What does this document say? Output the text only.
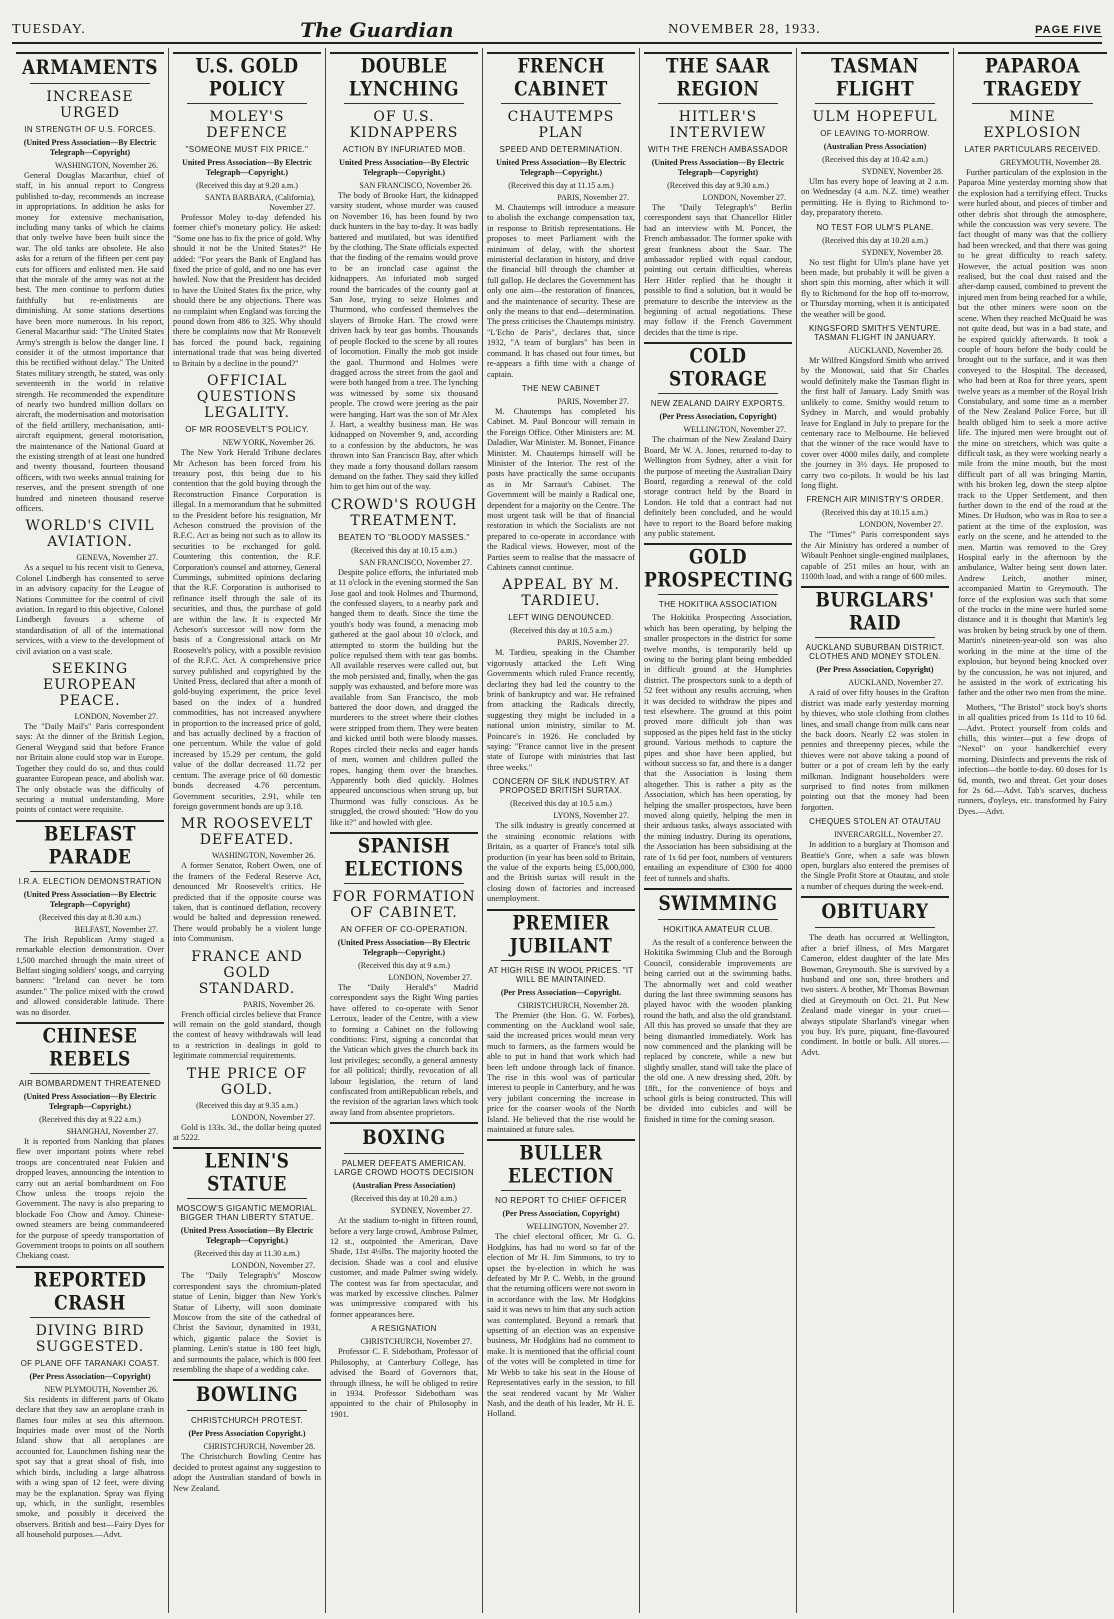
TUESDAY.	The Guardian	NOVEMBER 28, 1933.	PAGE FIVE
ARMAMENTS
INCREASE URGED
IN STRENGTH OF U.S. FORCES.
(United Press Association—By Electric Telegraph—Copyright)
WASHINGTON, November 26.
General Douglas Macarthur, chief of staff, in his annual report to Congress published to-day, recommends an increase in appropriations. In addition he asks for money for extensive mechanisation, including many tanks of which he claims that only twelve have been built since the war. The old tanks are obsolete. He also asks for a return of the fifteen per cent pay cuts for officers and enlisted men. He said that the morale of the army was not at the best. The men continue to perform duties faithfully but re-enlistments are diminishing. At some stations desertions have been more numerous. In his report, General Macarthur said: "The United States Army's strength is below the danger line. I consider it of the utmost importance that this be rectified without delay." The United States military strength, he stated, was only seventeenth in the world in relative strength. He recommended the expenditure of nearly two hundred million dollars on aircraft, the modernisation and motorisation of the field artillery, mechanisation, anti-aircraft equipment, general motorisation, the maintenance of the National Guard at the existing strength of at least one hundred and twenty thousand, fourteen thousand officers, with two weeks annual training for reserves, and the present strength of one hundred and nineteen thousand reserve officers.
WORLD'S CIVIL AVIATION.
GENEVA, November 27.
As a sequel to his recent visit to Geneva, Colonel Lindbergh has consented to serve in an advisory capacity for the League of Nations Committee for the control of civil aviation. In regard to this objective, Colonel Lindbergh favours a scheme of standardisation of all of the international services, with a view to the development of civil aviation on a vast scale.
SEEKING EUROPEAN PEACE.
LONDON, November 27.
The "Daily Mail's" Paris correspondent says: At the dinner of the British Legion, General Weygand said that before France nor Britain alone could stop war in Europe. Together they could do so, and thus could guarantee European peace, and abolish war. The only obstacle was the difficulty of securing a mutual understanding. More points of contact were requisite.
BELFAST PARADE
I.R.A. ELECTION DEMONSTRATION
(United Press Association—By Electric Telegraph—Copyright)
(Received this day at 8.30 a.m.)
BELFAST, November 27.
The Irish Republican Army staged a remarkable election demonstration. Over 1,500 marched through the main street of Belfast singing soldiers' songs, and carrying banners: "Ireland can never be torn asunder." The police mixed with the crowd and allowed considerable latitude. There was no disorder.
CHINESE REBELS
AIR BOMBARDMENT THREATENED
(United Press Association—By Electric Telegraph—Copyright.)
(Received this day at 9.22 a.m.)
SHANGHAI, November 27.
It is reported from Nanking that planes flew over important points where rebel troops are concentrated near Fukien and dropped leaves, announcing the intention to carry out an aerial bombardment on Foo Chow unless the troops rejoin the Government. The navy is also preparing to blockade Foo Chow and Amoy. Chinese-owned steamers are being commandeered for the purpose of speedy transportation of Government troops to points on all southern Chekiang coast.
REPORTED CRASH
DIVING BIRD SUGGESTED.
OF PLANE OFF TARANAKI COAST.
(Per Press Association—Copyright)
NEW PLYMOUTH, November 26.
Six residents in different parts of Okato declare that they saw an aeroplane crash in flames four miles at sea this afternoon. Inquiries made over most of the North Island show that all aeroplanes are accounted for. Launchmen fishing near the spot say that a great shoal of fish, into which birds, including a large albatross with a wing span of 12 feet, were diving may be the explanation. Spray was flying up, which, in the sunlight, resembles smoke, and possibly it deceived the observers. British and best—Fairy Dyes for all household purposes.—Advt.
U.S. GOLD POLICY
MOLEY'S DEFENCE
"SOMEONE MUST FIX PRICE."
United Press Association—By Electric Telegraph—Copyright.)
(Received this day at 9.20 a.m.)
SANTA BARBARA, (California), November 27.
Professor Moley to-day defended his former chief's monetary policy. He asked: "Some one has to fix the price of gold. Why should it not be the United States?" He added: "For years the Bank of England has fixed the price of gold, and no one has ever howled. Now that the President has decided to have the United States fix the price, why should there be any objections. There was no complaint when England was forcing the pound down from 486 to 325. Why should there be complaints now that Mr Roosevelt has forced the pound back, regaining international trade that was being diverted to Britain by a decline in the pound?"
OFFICIAL QUESTIONS LEGALITY.
OF MR ROOSEVELT'S POLICY.
NEW YORK, November 26.
The New York Herald Tribune declares Mr Acheson has been forced from his treasury post, this being due to his contention that the gold buying through the Reconstruction Finance Corporation is illegal. In a memorandum that he submitted to the President before his resignation, Mr Acheson construed the provision of the R.F.C. Act as being not such as to allow its securities to be exchanged for gold. Countering this contention, the R.F. Corporation's counsel and attorney, General Cummings, submitted opinions declaring that the R.F. Corporation is authorised to refinance itself through the sale of its securities, and thus, the purchase of gold are within the law. It is expected Mr Acheson's successor will now form the basis of a Congressional attack on Mr Roosevelt's policy, with a possible revision of the R.F.C. Act. A comprehensive price survey published and copyrighted by the United Press, declared that after a month of gold-buying experiment, the price level based on the index of a hundred commodities, has not increased anywhere in proportion to the increased price of gold, and has actually declined by a fraction of one percentum. While the value of gold increased by 15.29 per centum, the gold value of the dollar decreased 11.72 per centum. The average price of 60 domestic bonds decreased 4.76 percentum. Government securities, 2.91, while ten foreign government bonds are up 3.18.
MR ROOSEVELT DEFEATED.
WASHINGTON, November 26.
A former Senator, Robert Owen, one of the framers of the Federal Reserve Act, denounced Mr Roosevelt's critics. He predicted that if the opposite course was taken, that is continued deflation, recovery would be halted and depression renewed. There would probably be a violent lunge into Communism.
FRANCE AND GOLD STANDARD.
PARIS, November 26.
French official circles believe that France will remain on the gold standard, though the contest of heavy withdrawals will lead to a restriction in dealings in gold to legitimate commercial requirements.
THE PRICE OF GOLD.
(Received this day at 9.35 a.m.)
LONDON, November 27.
Gold is 133s. 3d., the dollar being quoted at 5222.
LENIN'S STATUE
MOSCOW'S GIGANTIC MEMORIAL. BIGGER THAN LIBERTY STATUE.
(United Press Association—By Electric Telegraph—Copyright.)
(Received this day at 11.30 a.m.)
LONDON, November 27.
The "Daily Telegraph's" Moscow correspondent says the chromium-plated statue of Lenin, bigger than New York's Statue of Liberty, will soon dominate Moscow from the site of the cathedral of Christ the Saviour, dynamited in 1931, which, gigantic palace the Soviet is planning. Lenin's statue is 180 feet high, and surmounts the palace, which is 800 feet resembling the shape of a wedding cake.
BOWLING
CHRISTCHURCH PROTEST.
(Per Press Association Copyright.)
CHRISTCHURCH, November 28.
The Christchurch Bowling Centre has decided to protest against any suggestion to adopt the Australian standard of bowls in New Zealand.
DOUBLE LYNCHING
OF U.S. KIDNAPPERS
ACTION BY INFURIATED MOB.
United Press Association—By Electric Telegraph—Copyright.)
SAN FRANCISCO, November 26.
The body of Brooke Hart, the kidnapped varsity student, whose murder was caused on November 16, has been found by two duck hunters in the bay to-day. It was badly battered and mutilated, but was identified by the clothing. The State officials expected that the finding of the remains would prove to be an ironclad case against the kidnappers. An infuriated mob surged round the barricades of the county gaol at San Jose, trying to seize Holmes and Thurmond, who confessed themselves the slayers of Brooke Hart. The crowd were driven back by tear gas bombs. Thousands of people flocked to the scene by all routes of locomotion. Finally the mob got inside the gaol. Thurmond and Holmes were dragged across the street from the gaol and were both hanged from a tree. The lynching was witnessed by some six thousand people. The crowd were jeering as the pair were hanging. Hart was the son of Mr Alex J. Hart, a wealthy business man. He was kidnapped on November 9, and, according to a confession by the abductors, he was thrown into San Francisco Bay, after which they made a forty thousand dollars ransom demand on the father. They said they killed him to get him out of the way.
CROWD'S ROUGH TREATMENT.
BEATEN TO "BLOODY MASSES."
(Received this day at 10.15 a.m.)
SAN FRANCISCO, November 27.
Despite police efforts, the infuriated mob at 11 o'clock in the evening stormed the San Jose gaol and took Holmes and Thurmond, the confessed slayers, to a nearby park and hanged them to death. Since the time the youth's body was found, a menacing mob gathered at the gaol about 10 o'clock, and attempted to storm the building but the police repulsed them with tear gas bombs. All available reserves were called out, but the mob persisted and, finally, when the gas supply was exhausted, and before more was available from San Francisco, the mob battered the door down, and dragged the murderers to the street where their clothes were stripped from them. They were beaten and kicked until both were bloody masses. Ropes circled their necks and eager hands of men, women and children pulled the ropes, hanging them over the branches. Apparently both died quickly. Holmes appeared unconscious when strung up, but Thurmond was fully conscious. As he struggled, the crowd shouted: "How do you like it?" and howled with glee.
SPANISH ELECTIONS
FOR FORMATION OF CABINET.
AN OFFER OF CO-OPERATION.
(United Press Association—By Electric Telegraph—Copyright.)
(Received this day at 9 a.m.)
LONDON, November 27.
The "Daily Herald's" Madrid correspondent says the Right Wing parties have offered to co-operate with Senor Lerroux, leader of the Centre, with a view to forming a Cabinet on the following conditions: First, signing a concordat that the Vatican which gives the church back its lost privileges; secondly, a general amnesty for all political; thirdly, revocation of all labour legislation, the return of land confiscated from antiRepublican rebels, and the revision of the agrarian laws which took away land from absentee proprietors.
BOXING
PALMER DEFEATS AMERICAN. LARGE CROWD HOOTS DECISION
(Australian Press Association)
(Received this day at 10.20 a.m.)
SYDNEY, November 27.
At the stadium to-night in fifteen round, before a very large crowd, Ambrose Palmer, 12 st., outpointed the American, Dave Shade, 11st 4½lbs. The majority hooted the decision. Shade was a cool and elusive customer, and made Palmer swing widely. The contest was far from spectacular, and was marked by excessive clinches. Palmer was unimpressive compared with his former appearances here.
A RESIGNATION
CHRISTCHURCH, November 27.
Professor C. F. Sidebotham, Professor of Philosophy, at Canterbury College, has advised the Board of Governors that, through illness, he will be obliged to retire in 1934. Professor Sidebotham was appointed to the chair of Philosophy in 1901.
FRENCH CABINET
CHAUTEMPS PLAN
SPEED AND DETERMINATION.
United Press Association—By Electric Telegraph—Copyright.)
(Received this day at 11.15 a.m.)
PARIS, November 27.
M. Chautemps will introduce a measure to abolish the exchange compensation tax, in response to British representations. He proposes to meet Parliament with the minimum of delay, with the shortest ministerial declaration in history, and drive the financial bill through the chamber at full gallop. He declares the Government has only one aim—the restoration of finances, and the maintenance of security. These are only the means to that end—determination. The press criticises the Chautemps ministry. "L'Echo de Paris", declares that, since 1932, "A team of burglars" has been in command. It has chased out four times, but re-appears a fifth time with a change of captain.
THE NEW CABINET
PARIS, November 27.
M. Chautemps has completed his Cabinet. M. Paul Boncour will remain in the Foreign Office. Other Ministers are: M. Daladier, War Minister. M. Bonnet, Finance Minister. M. Chautemps himself will be Minister of the Interior. The rest of the posts have practically the same occupants as in Mr Sarraut's Cabinet. The Government will be mainly a Radical one, dependent for a majority on the Centre. The most urgent task will be that of financial restoration in which the Socialists are not prepared to co-operate in accordance with the Radical views. However, most of the Parties seem to realise that the massacre of Cabinets cannot continue.
APPEAL BY M. TARDIEU.
LEFT WING DENOUNCED.
(Received this day at 10.5 a.m.)
PARIS, November 27.
M. Tardieu, speaking in the Chamber vigorously attacked the Left Wing Governments which ruled France recently, declaring they had led the country to the brink of bankruptcy and war. He refrained from attacking the Radicals directly, suggesting they might be included in a national union ministry, similar to M. Poincare's in 1926. He concluded by saying: "France cannot live in the present state of Europe with ministries that last three weeks."
CONCERN OF SILK INDUSTRY. AT PROPOSED BRITISH SURTAX.
(Received this day at 10.5 a.m.)
LYONS, November 27.
The silk industry is greatly concerned at the straining economic relations with Britain, as a quarter of France's total silk production (in year has been sold to Britain, the value of the exports being £5,000,000, and the British surtax will result in the closing down of factories and increased unemployment.
PREMIER JUBILANT
AT HIGH RISE IN WOOL PRICES. "IT WILL BE MAINTAINED.
(Per Press Association—Copyright.
CHRISTCHURCH, November 28.
The Premier (the Hon. G. W. Forbes), commenting on the Auckland wool sale, said the increased prices would mean very much to farmers, as the farmers would be able to put in hand that work which had been left undone through lack of finance. The rise in this wool was of particular interest to people in Canterbury, and he was very jubilant concerning the increase in price for the coarser wools of the North Island. He believed that the rise would be maintained at future sales.
BULLER ELECTION
NO REPORT TO CHIEF OFFICER
(Per Press Association, Copyright)
WELLINGTON, November 27.
The chief electoral officer, Mr G. G. Hodgkins, has had no word so far of the election of Mr H. Jim Simmons, to try to upset the by-election in which he was defeated by Mr P. C. Webb, in the ground that the returning officers were not sworn in in accordance with the law. Mr Hodgkins said it was news to him that any such action was contemplated. Beyond a remark that upsetting of an election was an expensive business, Mr Hodgkins had no comment to make. It is mentioned that the official count of the votes will be completed in time for Mr Webb to take his seat in the House of Representatives early in the session, to fill the seat rendered vacant by Mr Walter Nash, and the death of his leader, Mr H. E. Holland.
THE SAAR REGION
HITLER'S INTERVIEW
WITH THE FRENCH AMBASSADOR
(United Press Association—By Electric Telegraph—Copyright)
(Received this day at 9.30 a.m.)
LONDON, November 27.
The "Daily Telegraph's" Berlin correspondent says that Chancellor Hitler had an interview with M. Poncet, the French ambassador. The former spoke with great frankness about the Saar. The ambassador replied with equal candour, pointing out certain difficulties, whereas Herr Hitler replied that he thought it possible to find a solution, but it would be premature to describe the interview as the beginning of actual negotiations. These may follow if the French Government decides that the time is ripe.
COLD STORAGE
NEW ZEALAND DAIRY EXPORTS.
(Per Press Association, Copyright)
WELLINGTON, November 27.
The chairman of the New Zealand Dairy Board, Mr W. A. Jones, returned to-day to Wellington from Sydney, after a visit for the purpose of meeting the Australian Dairy Board, regarding a renewal of the cold storage contract held by the Board in London. He told that a contract had not definitely been concluded, and he would have to report to the Board before making any public statement.
GOLD PROSPECTING
THE HOKITIKA ASSOCIATION
The Hokitika Prospecting Association, which has been operating, by helping the smaller prospectors in the district for some twelve months, is temporarily held up owing to the boring plant being embedded in difficult ground at the Humphries district. The prospectors sunk to a depth of 52 feet without any results accruing, when it was decided to withdraw the pipes and test elsewhere. The ground at this point proved more difficult job than was supposed as the pipes held fast in the sticky ground. Various methods to capture the pipes and shoe have been applied, but without success so far, and there is a danger that the Association is losing them altogether. This is rather a pity as the Association, which has been operating, by helping the smaller prospectors, have been moved along quietly, helping the men in their arduous tasks, always associated with the mining industry. During its operations, the Association has been subsidising at the rate of 1s 6d per foot, numbers of venturers entailing an expenditure of £300 for 4000 feet of tunnels and shafts.
SWIMMING
HOKITIKA AMATEUR CLUB.
As the result of a conference between the Hokitika Swimming Club and the Borough Council, considerable improvements are being carried out at the swimming baths. The abnormally wet and cold weather during the last three swimming seasons has played havoc with the wooden planking round the bath, and also the old grandstand. All this has proved so unsafe that they are being dismantled immediately. Work has now commenced and the planking will be replaced by concrete, while a new but slightly smaller, stand will take the place of the old one. A new dressing shed, 20ft. by 18ft., for the convenience of boys and school girls is being constructed. This will be divided into cubicles and will be finished in time for the coming season.
TASMAN FLIGHT
ULM HOPEFUL
OF LEAVING TO-MORROW.
(Australian Press Association)
(Received this day at 10.42 a.m.)
SYDNEY, November 28.
Ulm has every hope of leaving at 2 a.m. on Wednesday (4 a.m. N.Z. time) weather permitting. He is flying to Richmond to-day, preparatory thereto.
NO TEST FOR ULM'S PLANE.
(Received this day at 10.20 a.m.)
SYDNEY, November 28.
No test flight for Ulm's plane have yet been made, but probably it will be given a short spin this morning, after which it will fly to Richmond for the hop off to-morrow, or Thursday morning, when it is anticipated the weather will be good.
KINGSFORD SMITH'S VENTURE. TASMAN FLIGHT IN JANUARY.
AUCKLAND, November 28.
Mr Wilfred Kingsford Smith who arrived by the Monowai, said that Sir Charles would definitely make the Tasman flight in the first half of January. Lady Smith was unlikely to come. Smithy would return to Sydney in March, and would probably leave for England in July to prepare for the centenary race to Melbourne. He believed that the winner of the race would have to cover over 4000 miles daily, and complete the journey in 3½ days. He proposed to carry two co-pilots. It would be his last long flight.
FRENCH AIR MINISTRY'S ORDER.
(Received this day at 10.15 a.m.)
LONDON, November 27.
The "Times'" Paris correspondent says the Air Ministry has ordered a number of Wibault Penhoet single-engined mailplanes, capable of 251 miles an hour, with an 1100th load, and with a range of 600 miles.
BURGLARS' RAID
AUCKLAND SUBURBAN DISTRICT. CLOTHES AND MONEY STOLEN.
(Per Press Association, Copyright)
AUCKLAND, November 27.
A raid of over fifty houses in the Grafton district was made early yesterday morning by thieves, who stole clothing from clothes lines, and small change from milk cans near the back doors. Nearly £2 was stolen in pennies and threepenny pieces, while the thieves were not above taking a pound of butter or a pot of cream left by the early milkman. Indignant householders were surprised to find notes from milkmen pointing out that the money had been forgotten.
CHEQUES STOLEN AT OTAUTAU
INVERCARGILL, November 27.
In addition to a burglary at Thomson and Beattie's Gore, when a safe was blown open, burglars also entered the premises of the Single Profit Store at Otautau, and stole a number of cheques during the week-end.
OBITUARY
The death has occurred at Wellington, after a brief illness, of Mrs Margaret Cameron, eldest daughter of the late Mrs Bowman, Greymouth. She is survived by a husband and one son, three brothers and two sisters. A brother, Mr Thomas Bowman died at Greymouth on Oct. 21. Put New Zealand made vinegar in your cruet—always stipulate Sharland's vinegar when you buy. It's pure, piquant, fine-flavoured condiment. In bottle or bulk. All stores.—Advt.
PAPAROA TRAGEDY
MINE EXPLOSION
LATER PARTICULARS RECEIVED.
GREYMOUTH, November 28.
Further particulars of the explosion in the Paparoa Mine yesterday morning show that the explosion had a terrifying effect. Trucks were hurled about, and pieces of timber and other debris shot through the atmosphere, while the concussion was very severe. The fact thought of many was that the colliery had been wrecked, and that there was going to be great difficulty to reach safety. However, the actual position was soon realised, but the coal dust raised and the after-damp caused, combined to prevent the injured men from being reached for a while, but the other miners were soon on the scene. When they reached McQuaid he was not quite dead, but was in a bad state, and he expired quickly afterwards. It took a couple of hours before the body could be brought out to the surface, and it was then conveyed to the Hospital. The deceased, who had been at Roa for three years, spent twelve years as a member of the Royal Irish Constabulary, and some time as a member of the New Zealand Police Force, but ill health obliged him to seek a more active life. The injured men were brought out of the mine on stretchers, which was quite a difficult task, as they were working nearly a mile from the mine mouth, but the most difficult part of all was bringing Martin, with his broken leg, down the steep alpine track to the Upper Settlement, and then further down to the end of the road at the Mines. Dr Hudson, who was in Roa to see a patient at the time of the explosion, was early on the scene, and he attended to the men. Martin was removed to the Grey Hospital early in the afternoon by the ambulance, Walter being sent down later. Andrew Leitch, another miner, accompanied Martin to Greymouth. The force of the explosion was such that some of the trucks in the mine were hurled some distance and it is thought that Martin's leg was broken by being struck by one of them. Martin's nineteen-year-old son was also working in the mine at the time of the explosion, but beyond being knocked over by the concussion, he was not injured, and he assisted in the work of extricating his father and the other two men from the mine.
Mothers, "The Bristol" stock boy's shorts in all qualities priced from 1s 11d to 10 6d.—Advt. Protect yourself from colds and chills, this winter—put a few drops of "Nexol" on your handkerchief every morning. Disinfects and prevents the risk of infection—the bottle to-day. 60 doses for 1s 6d, month, two and threat. Get your doses for 2s 6d.—Advt. Tab's scarves, duchess runners, d'oyleys, etc. transformed by Fairy Dyes.—Advt.
